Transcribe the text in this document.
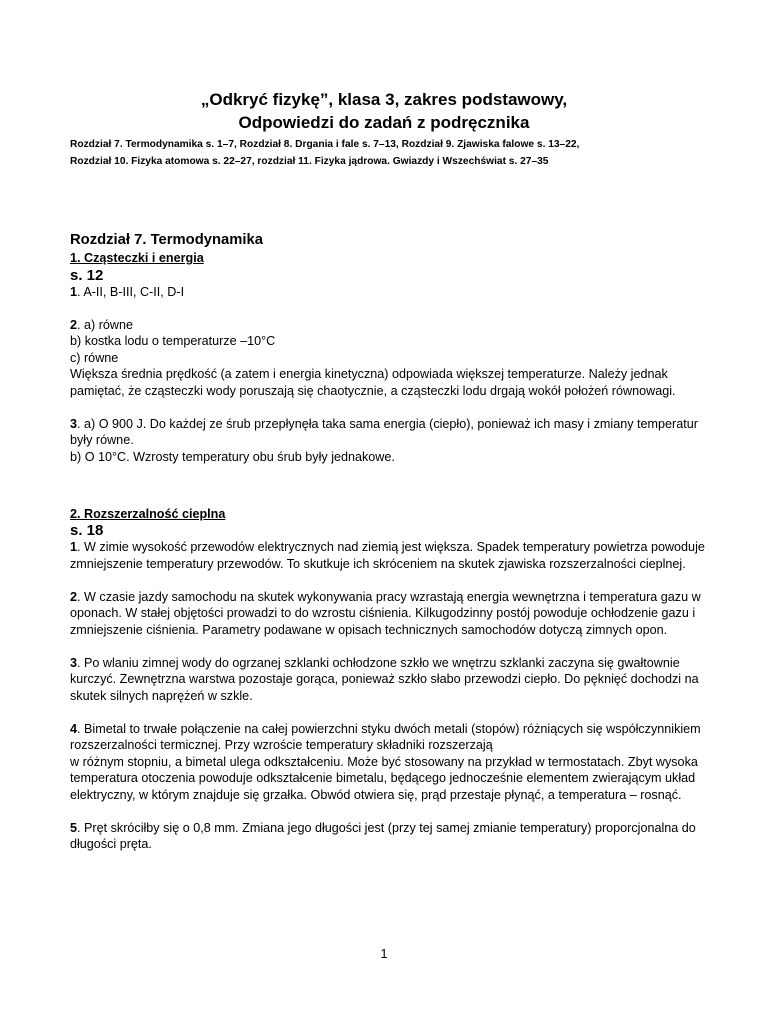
„Odkryć fizykę”, klasa 3, zakres podstawowy,
Odpowiedzi do zadań z podręcznika
Rozdział 7. Termodynamika s. 1–7, Rozdział 8. Drgania i fale s. 7–13, Rozdział 9. Zjawiska falowe s. 13–22,
Rozdział 10. Fizyka atomowa s. 22–27, rozdział 11. Fizyka jądrowa. Gwiazdy i Wszechświat s. 27–35

Rozdział 7. Termodynamika

1. Cząsteczki i energia

s. 12

1. A-II, B-III, C-II, D-I

2. a) równe

b) kostka lodu o temperaturze –10°C

c) równe

Większa średnia prędkość (a zatem i energia kinetyczna) odpowiada większej temperaturze. Należy jednak pamiętać, że cząsteczki wody poruszają się chaotycznie, a cząsteczki lodu drgają wokół położeń równowagi.

3. a) O 900 J. Do każdej ze śrub przepłynęła taka sama energia (ciepło), ponieważ ich masy i zmiany temperatur były równe.

b) O 10°C. Wzrosty temperatury obu śrub były jednakowe.

2. Rozszerzalność cieplna

s. 18

1. W zimie wysokość przewodów elektrycznych nad ziemią jest większa. Spadek temperatury powietrza powoduje zmniejszenie temperatury przewodów. To skutkuje ich skróceniem na skutek zjawiska rozszerzalności cieplnej.

2. W czasie jazdy samochodu na skutek wykonywania pracy wzrastają energia wewnętrzna i temperatura gazu w oponach. W stałej objętości prowadzi to do wzrostu ciśnienia. Kilkugodzinny postój powoduje ochłodzenie gazu i zmniejszenie ciśnienia. Parametry podawane w opisach technicznych samochodów dotyczą zimnych opon.

3. Po wlaniu zimnej wody do ogrzanej szklanki ochłodzone szkło we wnętrzu szklanki zaczyna się gwałtownie kurczyć. Zewnętrzna warstwa pozostaje gorąca, ponieważ szkło słabo przewodzi ciepło. Do pęknięć dochodzi na skutek silnych naprężeń w szkle.

4. Bimetal to trwałe połączenie na całej powierzchni styku dwóch metali (stopów) różniących się współczynnikiem rozszerzalności termicznej. Przy wzroście temperatury składniki rozszerzają

w różnym stopniu, a bimetal ulega odkształceniu. Może być stosowany na przykład w termostatach. Zbyt wysoka temperatura otoczenia powoduje odkształcenie bimetalu, będącego jednocześnie elementem zwierającym układ elektryczny, w którym znajduje się grzałka. Obwód otwiera się, prąd przestaje płynąć, a temperatura – rosnąć.

5. Pręt skróciłby się o 0,8 mm. Zmiana jego długości jest (przy tej samej zmianie temperatury) proporcjonalna do długości pręta.

1
